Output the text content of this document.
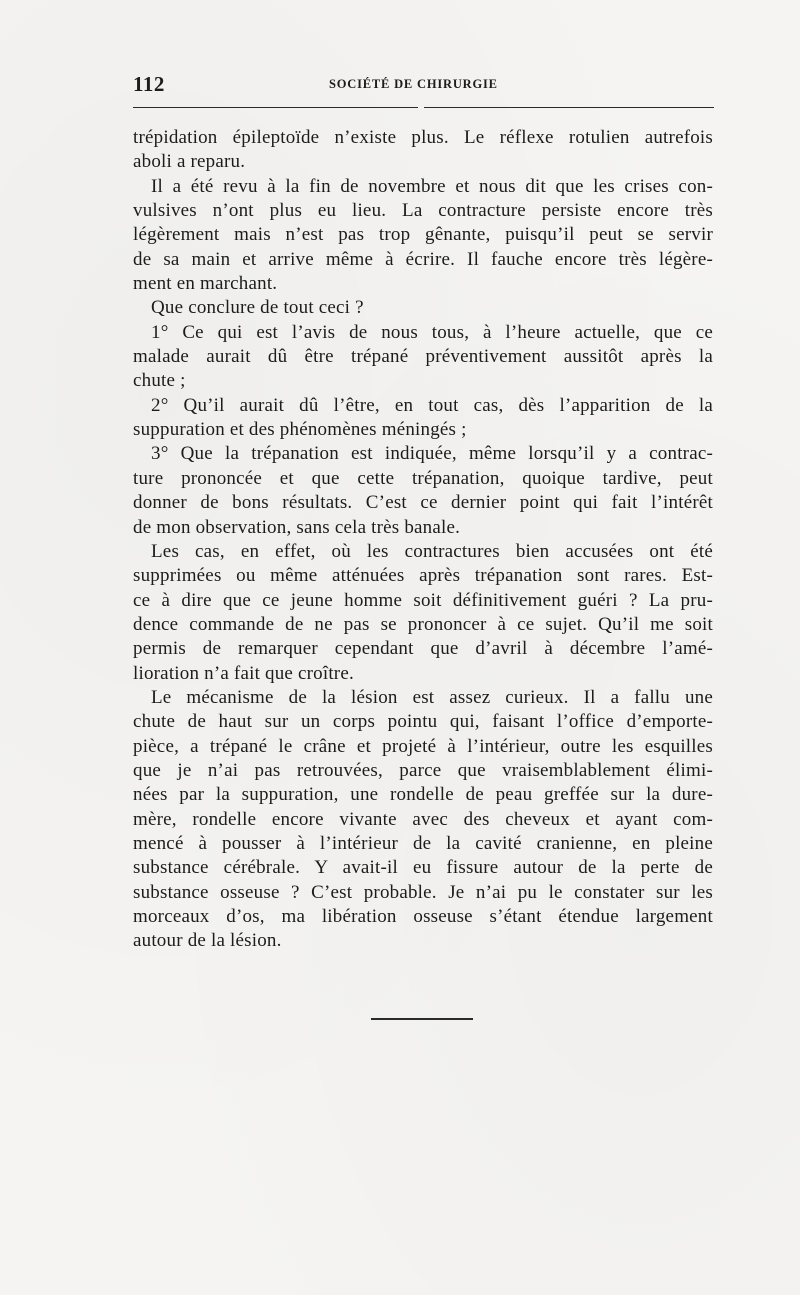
112	SOCIÉTÉ DE CHIRURGIE
trépidation épileptoïde n’existe plus. Le réflexe rotulien autrefois
aboli a reparu.
Il a été revu à la fin de novembre et nous dit que les crises con-
vulsives n’ont plus eu lieu. La contracture persiste encore très
légèrement mais n’est pas trop gênante, puisqu’il peut se servir
de sa main et arrive même à écrire. Il fauche encore très légère-
ment en marchant.
Que conclure de tout ceci ?
1° Ce qui est l’avis de nous tous, à l’heure actuelle, que ce
malade aurait dû être trépané préventivement aussitôt après la
chute ;
2° Qu’il aurait dû l’être, en tout cas, dès l’apparition de la
suppuration et des phénomènes méningés ;
3° Que la trépanation est indiquée, même lorsqu’il y a contrac-
ture prononcée et que cette trépanation, quoique tardive, peut
donner de bons résultats. C’est ce dernier point qui fait l’intérêt
de mon observation, sans cela très banale.
Les cas, en effet, où les contractures bien accusées ont été
supprimées ou même atténuées après trépanation sont rares. Est-
ce à dire que ce jeune homme soit définitivement guéri ? La pru-
dence commande de ne pas se prononcer à ce sujet. Qu’il me soit
permis de remarquer cependant que d’avril à décembre l’amé-
lioration n’a fait que croître.
Le mécanisme de la lésion est assez curieux. Il a fallu une
chute de haut sur un corps pointu qui, faisant l’office d’emporte-
pièce, a trépané le crâne et projeté à l’intérieur, outre les esquilles
que je n’ai pas retrouvées, parce que vraisemblablement élimi-
nées par la suppuration, une rondelle de peau greffée sur la dure-
mère, rondelle encore vivante avec des cheveux et ayant com-
mencé à pousser à l’intérieur de la cavité cranienne, en pleine
substance cérébrale. Y avait-il eu fissure autour de la perte de
substance osseuse ? C’est probable. Je n’ai pu le constater sur les
morceaux d’os, ma libération osseuse s’étant étendue largement
autour de la lésion.
